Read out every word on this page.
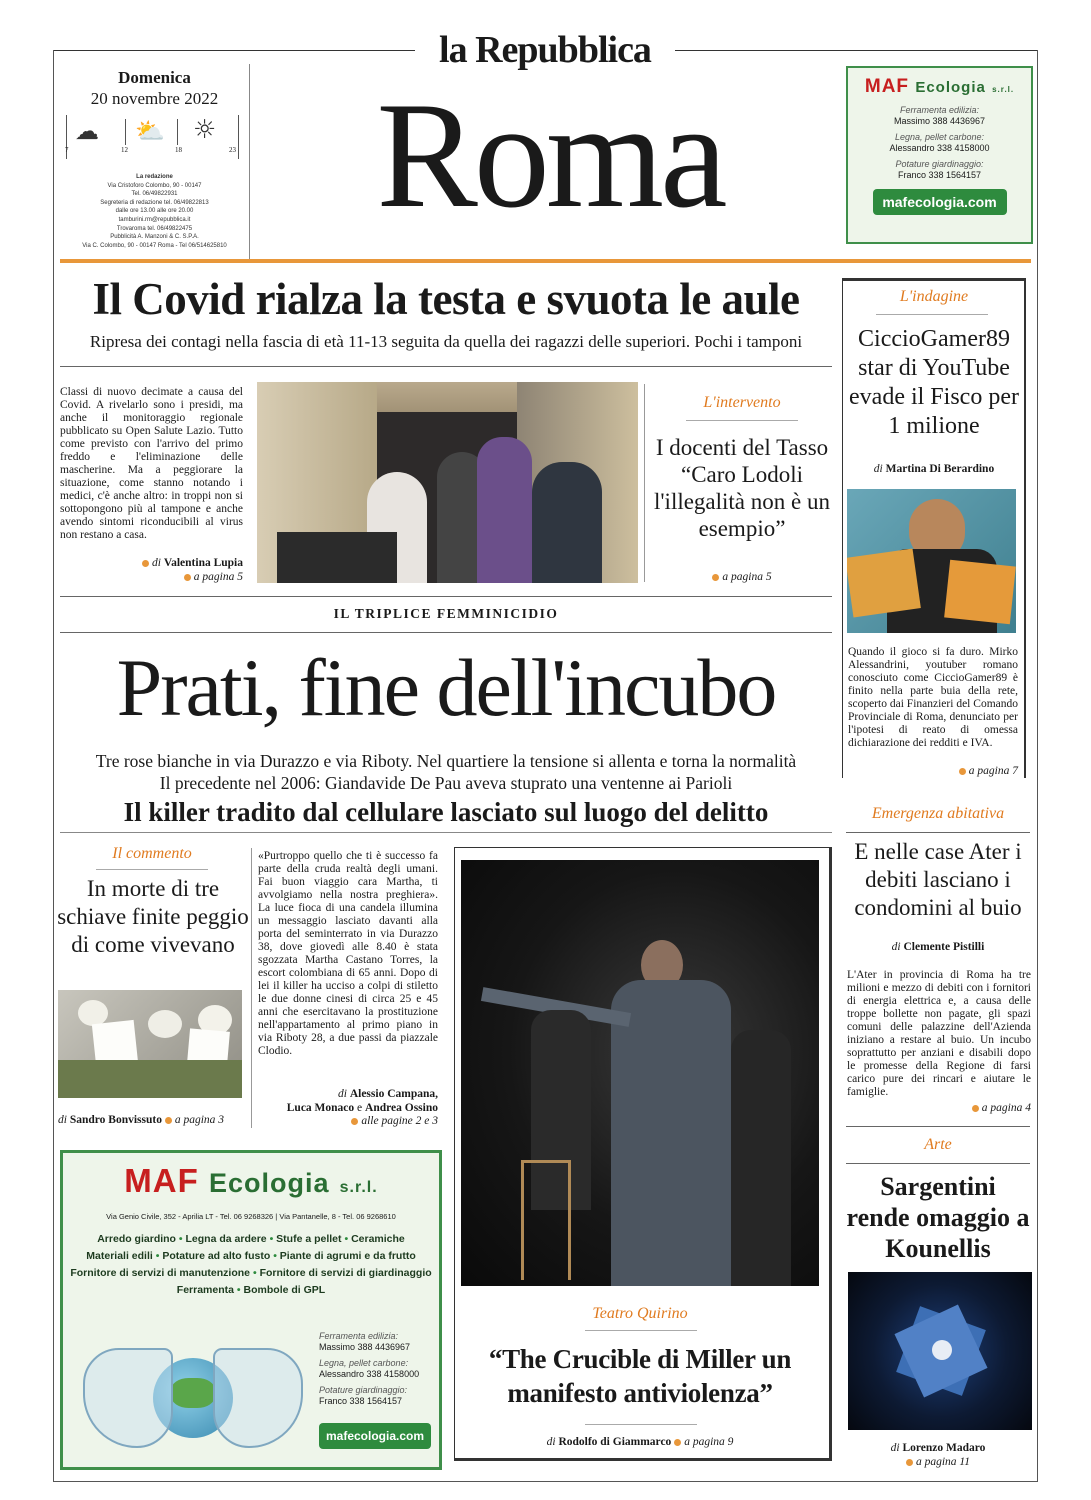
la Repubblica
Domenica
20 novembre 2022
☁
7	12
⛅
18
☼
23
La redazione
Via Cristoforo Colombo, 90 - 00147
Tel. 06/49822931
Segreteria di redazione tel. 06/49822813
dalle ore 13.00 alle ore 20.00
tamburini.rm@repubblica.it
Trovaroma tel. 06/49822475
Pubblicità A. Manzoni & C. S.P.A.
Via C. Colombo, 90 - 00147 Roma - Tel 06/514625810
Roma	MAF Ecologia s.r.l.
Ferramenta edilizia:
Massimo 388 4436967
Legna, pellet carbone:
Alessandro 338 4158000
Potature giardinaggio:
Franco 338 1564157
mafecologia.com
Il Covid rialza la testa e svuota le aule
Ripresa dei contagi nella fascia di età 11-13 seguita da quella dei ragazzi delle superiori. Pochi i tamponi
Classi di nuovo decimate a causa del Covid. A rivelarlo sono i presidi, ma anche il monitoraggio regionale pubblicato su Open Salute Lazio. Tutto come previsto con l'arrivo del primo freddo e l'eliminazione delle mascherine. Ma a peggiorare la situazione, come stanno notando i medici, c'è anche altro: in troppi non si sottopongono più al tampone e anche avendo sintomi riconducibili al virus non restano a casa.
di Valentina Lupia
a pagina 5
L'intervento
I docenti del Tasso “Caro Lodoli l'illegalità non è un esempio”
a pagina 5
L'indagine
CiccioGamer89 star di YouTube evade il Fisco per 1 milione
di Martina Di Berardino
Quando il gioco si fa duro. Mirko Alessandrini, youtuber romano conosciuto come CiccioGamer89 è finito nella parte buia della rete, scoperto dai Finanzieri del Comando Provinciale di Roma, denunciato per l'ipotesi di reato di omessa dichiarazione dei redditi e IVA.
a pagina 7
IL TRIPLICE FEMMINICIDIO
Prati, fine dell'incubo
Tre rose bianche in via Durazzo e via Riboty. Nel quartiere la tensione si allenta e torna la normalità
Il precedente nel 2006: Giandavide De Pau aveva stuprato una ventenne ai Parioli
Il killer tradito dal cellulare lasciato sul luogo del delitto
Il commento
In morte di tre schiave finite peggio di come vivevano
di Sandro Bonvissuto a pagina 3
«Purtroppo quello che ti è successo fa parte della cruda realtà degli umani. Fai buon viaggio cara Martha, ti avvolgiamo nella nostra preghiera». La luce fioca di una candela illumina un messaggio lasciato davanti alla porta del seminterrato in via Durazzo 38, dove giovedì alle 8.40 è stata sgozzata Martha Castano Torres, la escort colombiana di 65 anni. Dopo di lei il killer ha ucciso a colpi di stiletto le due donne cinesi di circa 25 e 45 anni che esercitavano la prostituzione nell'appartamento al primo piano in via Riboty 28, a due passi da piazzale Clodio.
di Alessio Campana,
Luca Monaco e Andrea Ossino
alle pagine 2 e 3
Teatro Quirino
“The Crucible di Miller un manifesto antiviolenza”
di Rodolfo di Giammarco a pagina 9
Emergenza abitativa
E nelle case Ater i debiti lasciano i condomini al buio
di Clemente Pistilli
L'Ater in provincia di Roma ha tre milioni e mezzo di debiti con i fornitori di energia elettrica e, a causa delle troppe bollette non pagate, gli spazi comuni delle palazzine dell'Azienda iniziano a restare al buio. Un incubo soprattutto per anziani e disabili dopo le promesse della Regione di farsi carico pure dei rincari e aiutare le famiglie.
a pagina 4
Arte
Sargentini rende omaggio a Kounellis
di Lorenzo Madaro
a pagina 11
MAF Ecologia s.r.l.
Via Genio Civile, 352 - Aprilia LT - Tel. 06 9268326 | Via Pantanelle, 8 - Tel. 06 9268610
Arredo giardino • Legna da ardere • Stufe a pellet • Ceramiche
Materiali edili • Potature ad alto fusto • Piante di agrumi e da frutto
Fornitore di servizi di manutenzione • Fornitore di servizi di giardinaggio
Ferramenta • Bombole di GPL
Ferramenta edilizia:
Massimo 388 4436967
Legna, pellet carbone:
Alessandro 338 4158000
Potature giardinaggio:
Franco 338 1564157
mafecologia.com
